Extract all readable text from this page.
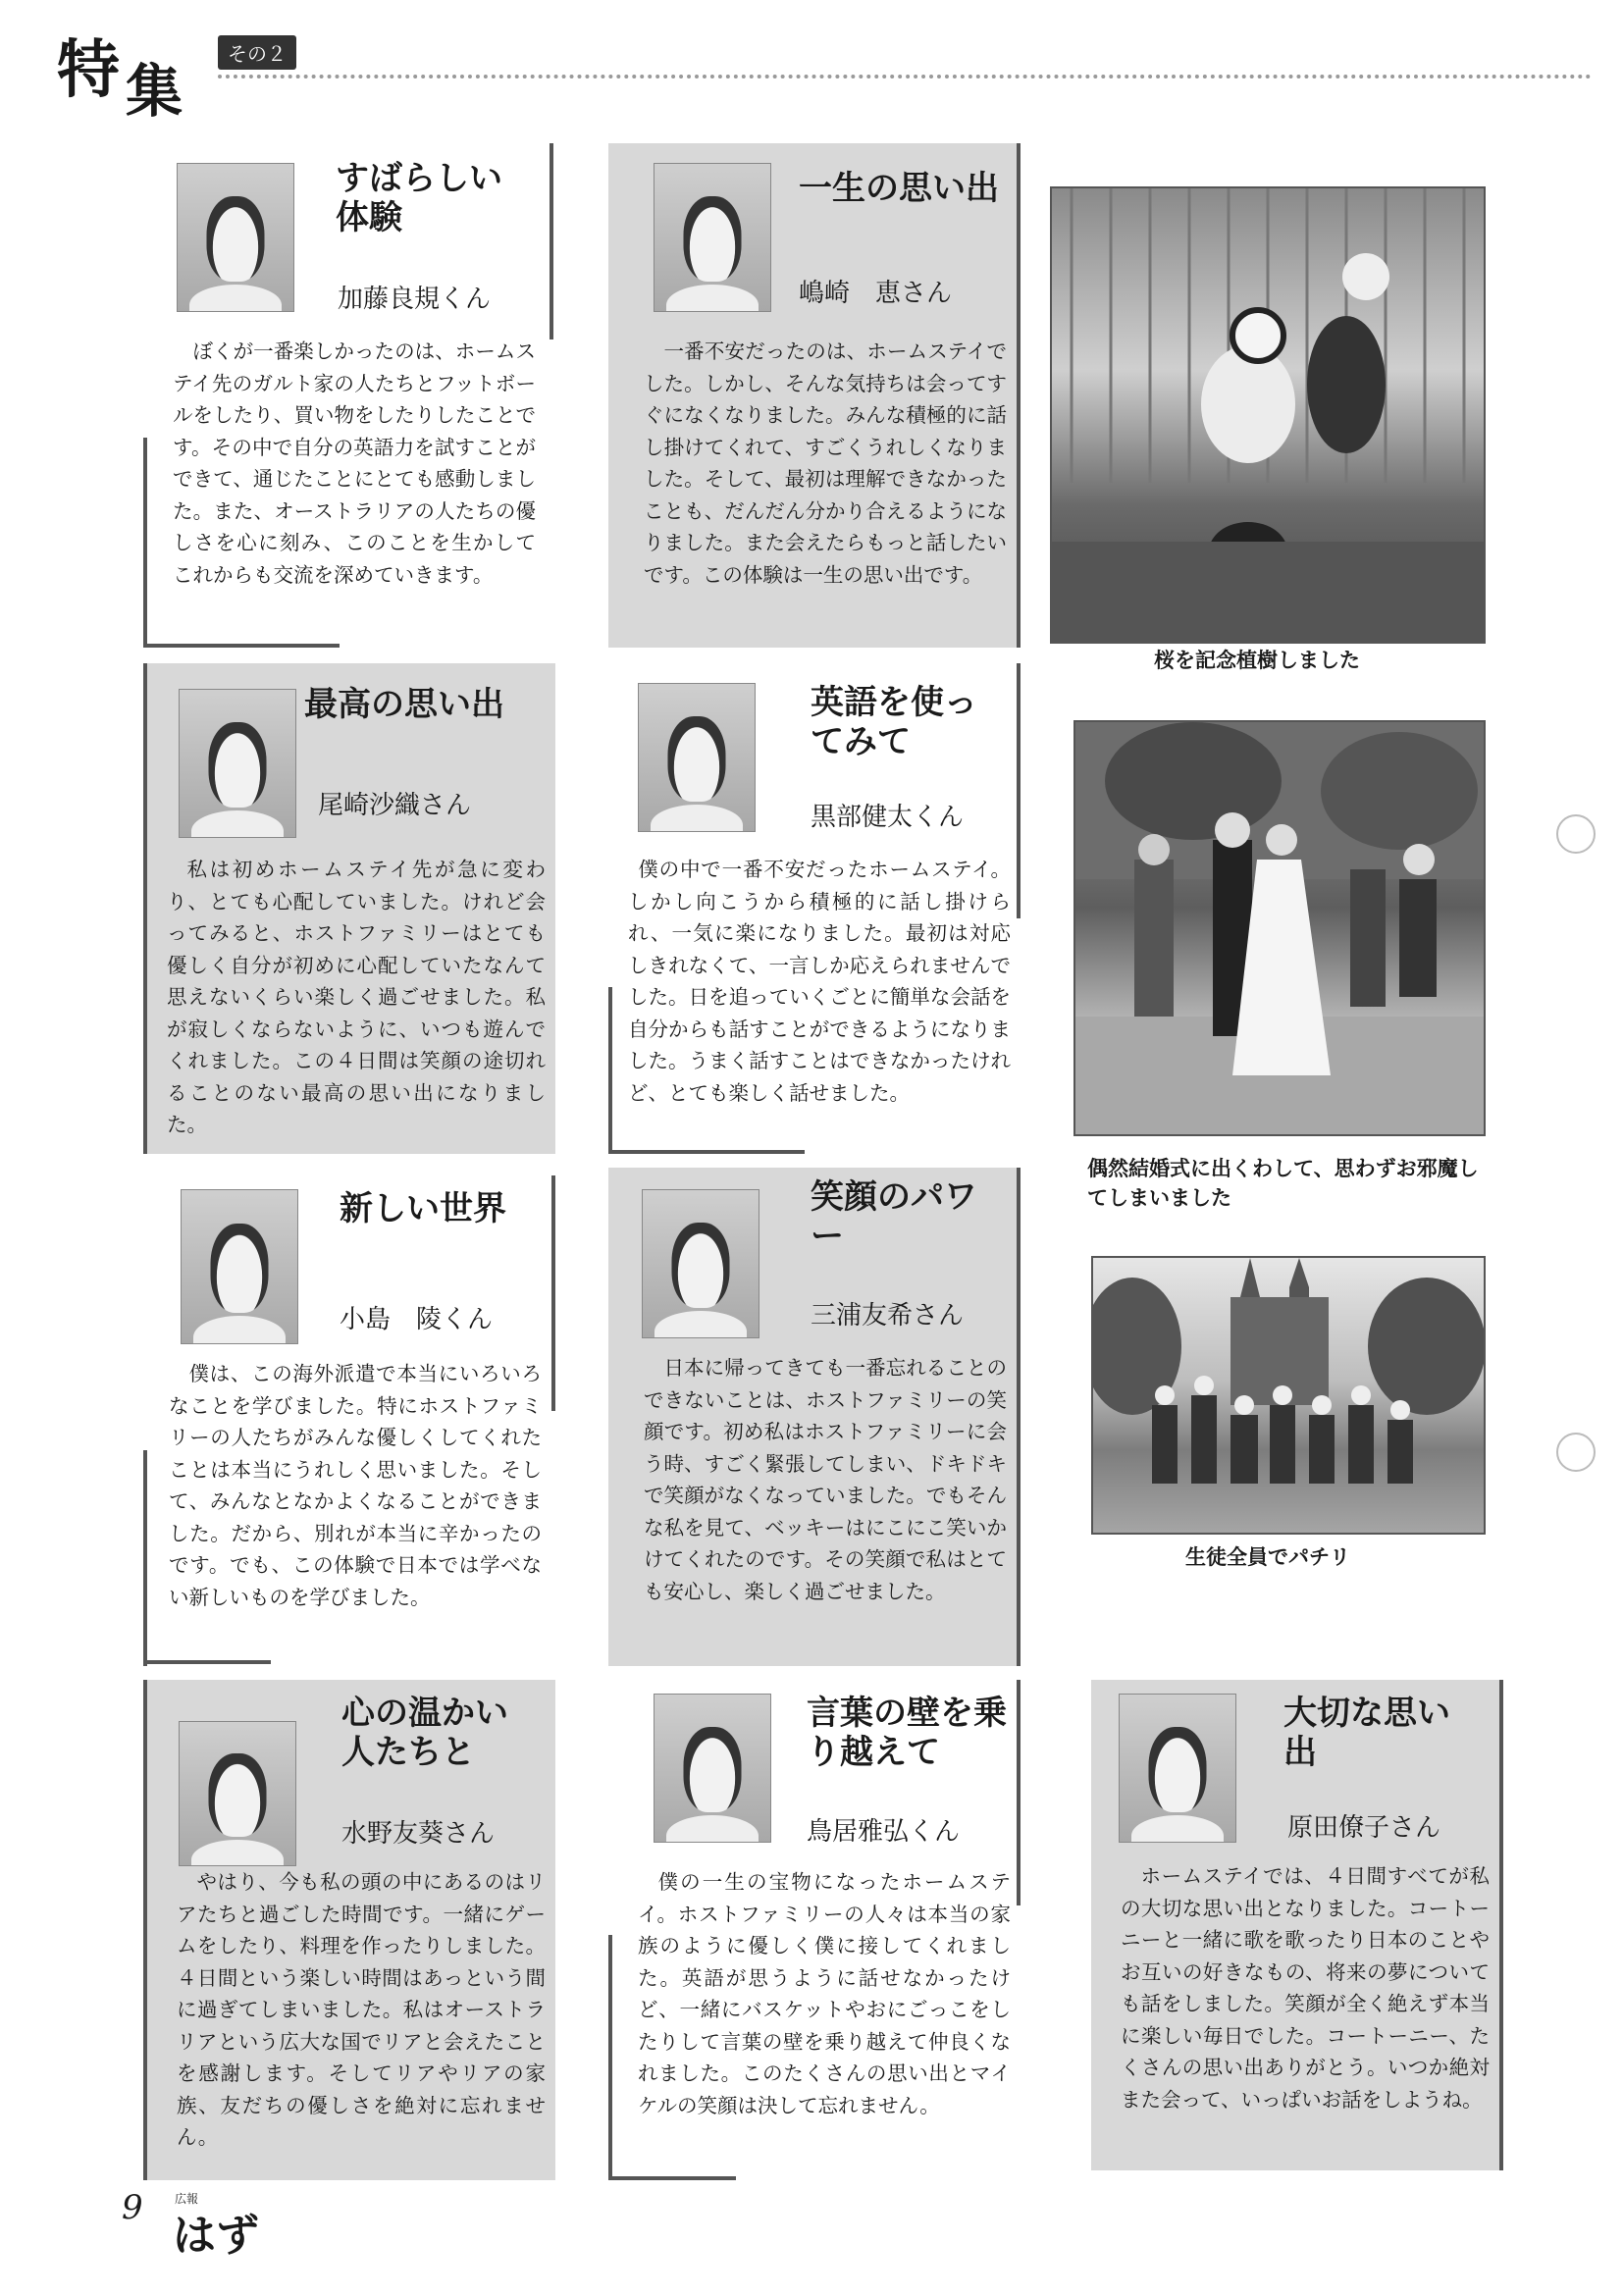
特 集
その２
すばらしい体験
加藤良規くん
ぼくが一番楽しかったのは、ホームステイ先のガルト家の人たちとフットボールをしたり、買い物をしたりしたことです。その中で自分の英語力を試すことができて、通じたことにとても感動しました。また、オーストラリアの人たちの優しさを心に刻み、このことを生かしてこれからも交流を深めていきます。
一生の思い出
嶋崎　恵さん
一番不安だったのは、ホームステイでした。しかし、そんな気持ちは会ってすぐになくなりました。みんな積極的に話し掛けてくれて、すごくうれしくなりました。そして、最初は理解できなかったことも、だんだん分かり合えるようになりました。また会えたらもっと話したいです。この体験は一生の思い出です。
最高の思い出
尾崎沙織さん
私は初めホームステイ先が急に変わり、とても心配していました。けれど会ってみると、ホストファミリーはとても優しく自分が初めに心配していたなんて思えないくらい楽しく過ごせました。私が寂しくならないように、いつも遊んでくれました。この４日間は笑顔の途切れることのない最高の思い出になりました。
英語を使ってみて
黒部健太くん
僕の中で一番不安だったホームステイ。しかし向こうから積極的に話し掛けられ、一気に楽になりました。最初は対応しきれなくて、一言しか応えられませんでした。日を追っていくごとに簡単な会話を自分からも話すことができるようになりました。うまく話すことはできなかったけれど、とても楽しく話せました。
新しい世界
小島　陵くん
僕は、この海外派遣で本当にいろいろなことを学びました。特にホストファミリーの人たちがみんな優しくしてくれたことは本当にうれしく思いました。そして、みんなとなかよくなることができました。だから、別れが本当に辛かったのです。でも、この体験で日本では学べない新しいものを学びました。
笑顔のパワー
三浦友希さん
日本に帰ってきても一番忘れることのできないことは、ホストファミリーの笑顔です。初め私はホストファミリーに会う時、すごく緊張してしまい、ドキドキで笑顔がなくなっていました。でもそんな私を見て、ベッキーはにこにこ笑いかけてくれたのです。その笑顔で私はとても安心し、楽しく過ごせました。
心の温かい人たちと
水野友葵さん
やはり、今も私の頭の中にあるのはリアたちと過ごした時間です。一緒にゲームをしたり、料理を作ったりしました。４日間という楽しい時間はあっという間に過ぎてしまいました。私はオーストラリアという広大な国でリアと会えたことを感謝します。そしてリアやリアの家族、友だちの優しさを絶対に忘れません。
言葉の壁を乗り越えて
鳥居雅弘くん
僕の一生の宝物になったホームステイ。ホストファミリーの人々は本当の家族のように優しく僕に接してくれました。英語が思うように話せなかったけど、一緒にバスケットやおにごっこをしたりして言葉の壁を乗り越えて仲良くなれました。このたくさんの思い出とマイケルの笑顔は決して忘れません。
大切な思い出
原田僚子さん
ホームステイでは、４日間すべてが私の大切な思い出となりました。コートーニーと一緒に歌を歌ったり日本のことやお互いの好きなもの、将来の夢についても話をしました。笑顔が全く絶えず本当に楽しい毎日でした。コートーニー、たくさんの思い出ありがとう。いつか絶対また会って、いっぱいお話をしようね。
桜を記念植樹しました
偶然結婚式に出くわして、思わずお邪魔してしまいました
生徒全員でパチリ
9	広報
はず
